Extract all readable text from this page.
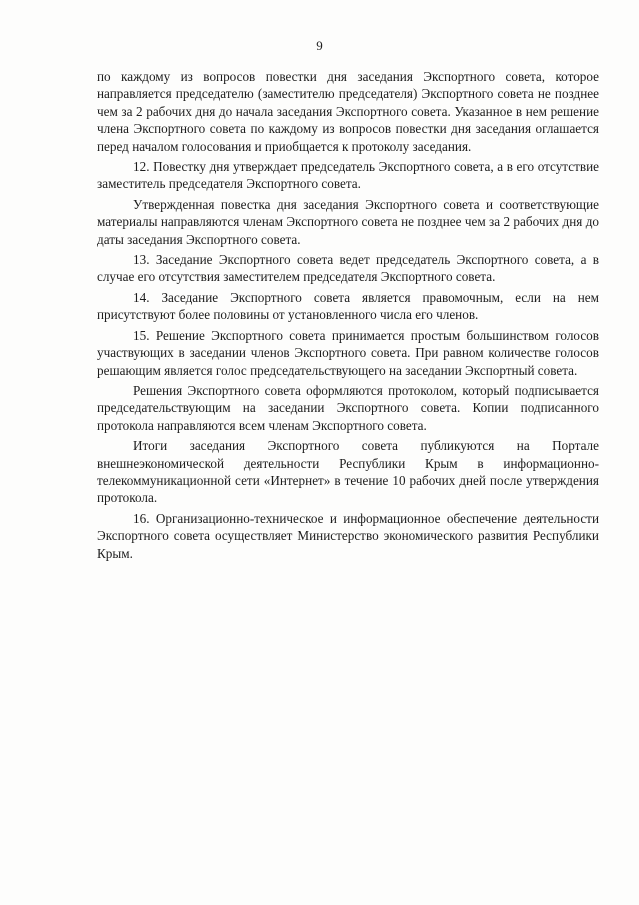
9

по каждому из вопросов повестки дня заседания Экспортного совета, которое направляется председателю (заместителю председателя) Экспортного совета не позднее чем за 2 рабочих дня до начала заседания Экспортного совета. Указанное в нем решение члена Экспортного совета по каждому из вопросов повестки дня заседания оглашается перед началом голосования и приобщается к протоколу заседания.

12. Повестку дня утверждает председатель Экспортного совета, а в его отсутствие заместитель председателя Экспортного совета.

Утвержденная повестка дня заседания Экспортного совета и соответствующие материалы направляются членам Экспортного совета не позднее чем за 2 рабочих дня до даты заседания Экспортного совета.

13. Заседание Экспортного совета ведет председатель Экспортного совета, а в случае его отсутствия заместителем председателя Экспортного совета.

14. Заседание Экспортного совета является правомочным, если на нем присутствуют более половины от установленного числа его членов.

15. Решение Экспортного совета принимается простым большинством голосов участвующих в заседании членов Экспортного совета. При равном количестве голосов решающим является голос председательствующего на заседании Экспортный совета.

Решения Экспортного совета оформляются протоколом, который подписывается председательствующим на заседании Экспортного совета. Копии подписанного протокола направляются всем членам Экспортного совета.

Итоги заседания Экспортного совета публикуются на Портале внешнеэкономической деятельности Республики Крым в информационно-телекоммуникационной сети «Интернет» в течение 10 рабочих дней после утверждения протокола.

16. Организационно-техническое и информационное обеспечение деятельности Экспортного совета осуществляет Министерство экономического развития Республики Крым.
